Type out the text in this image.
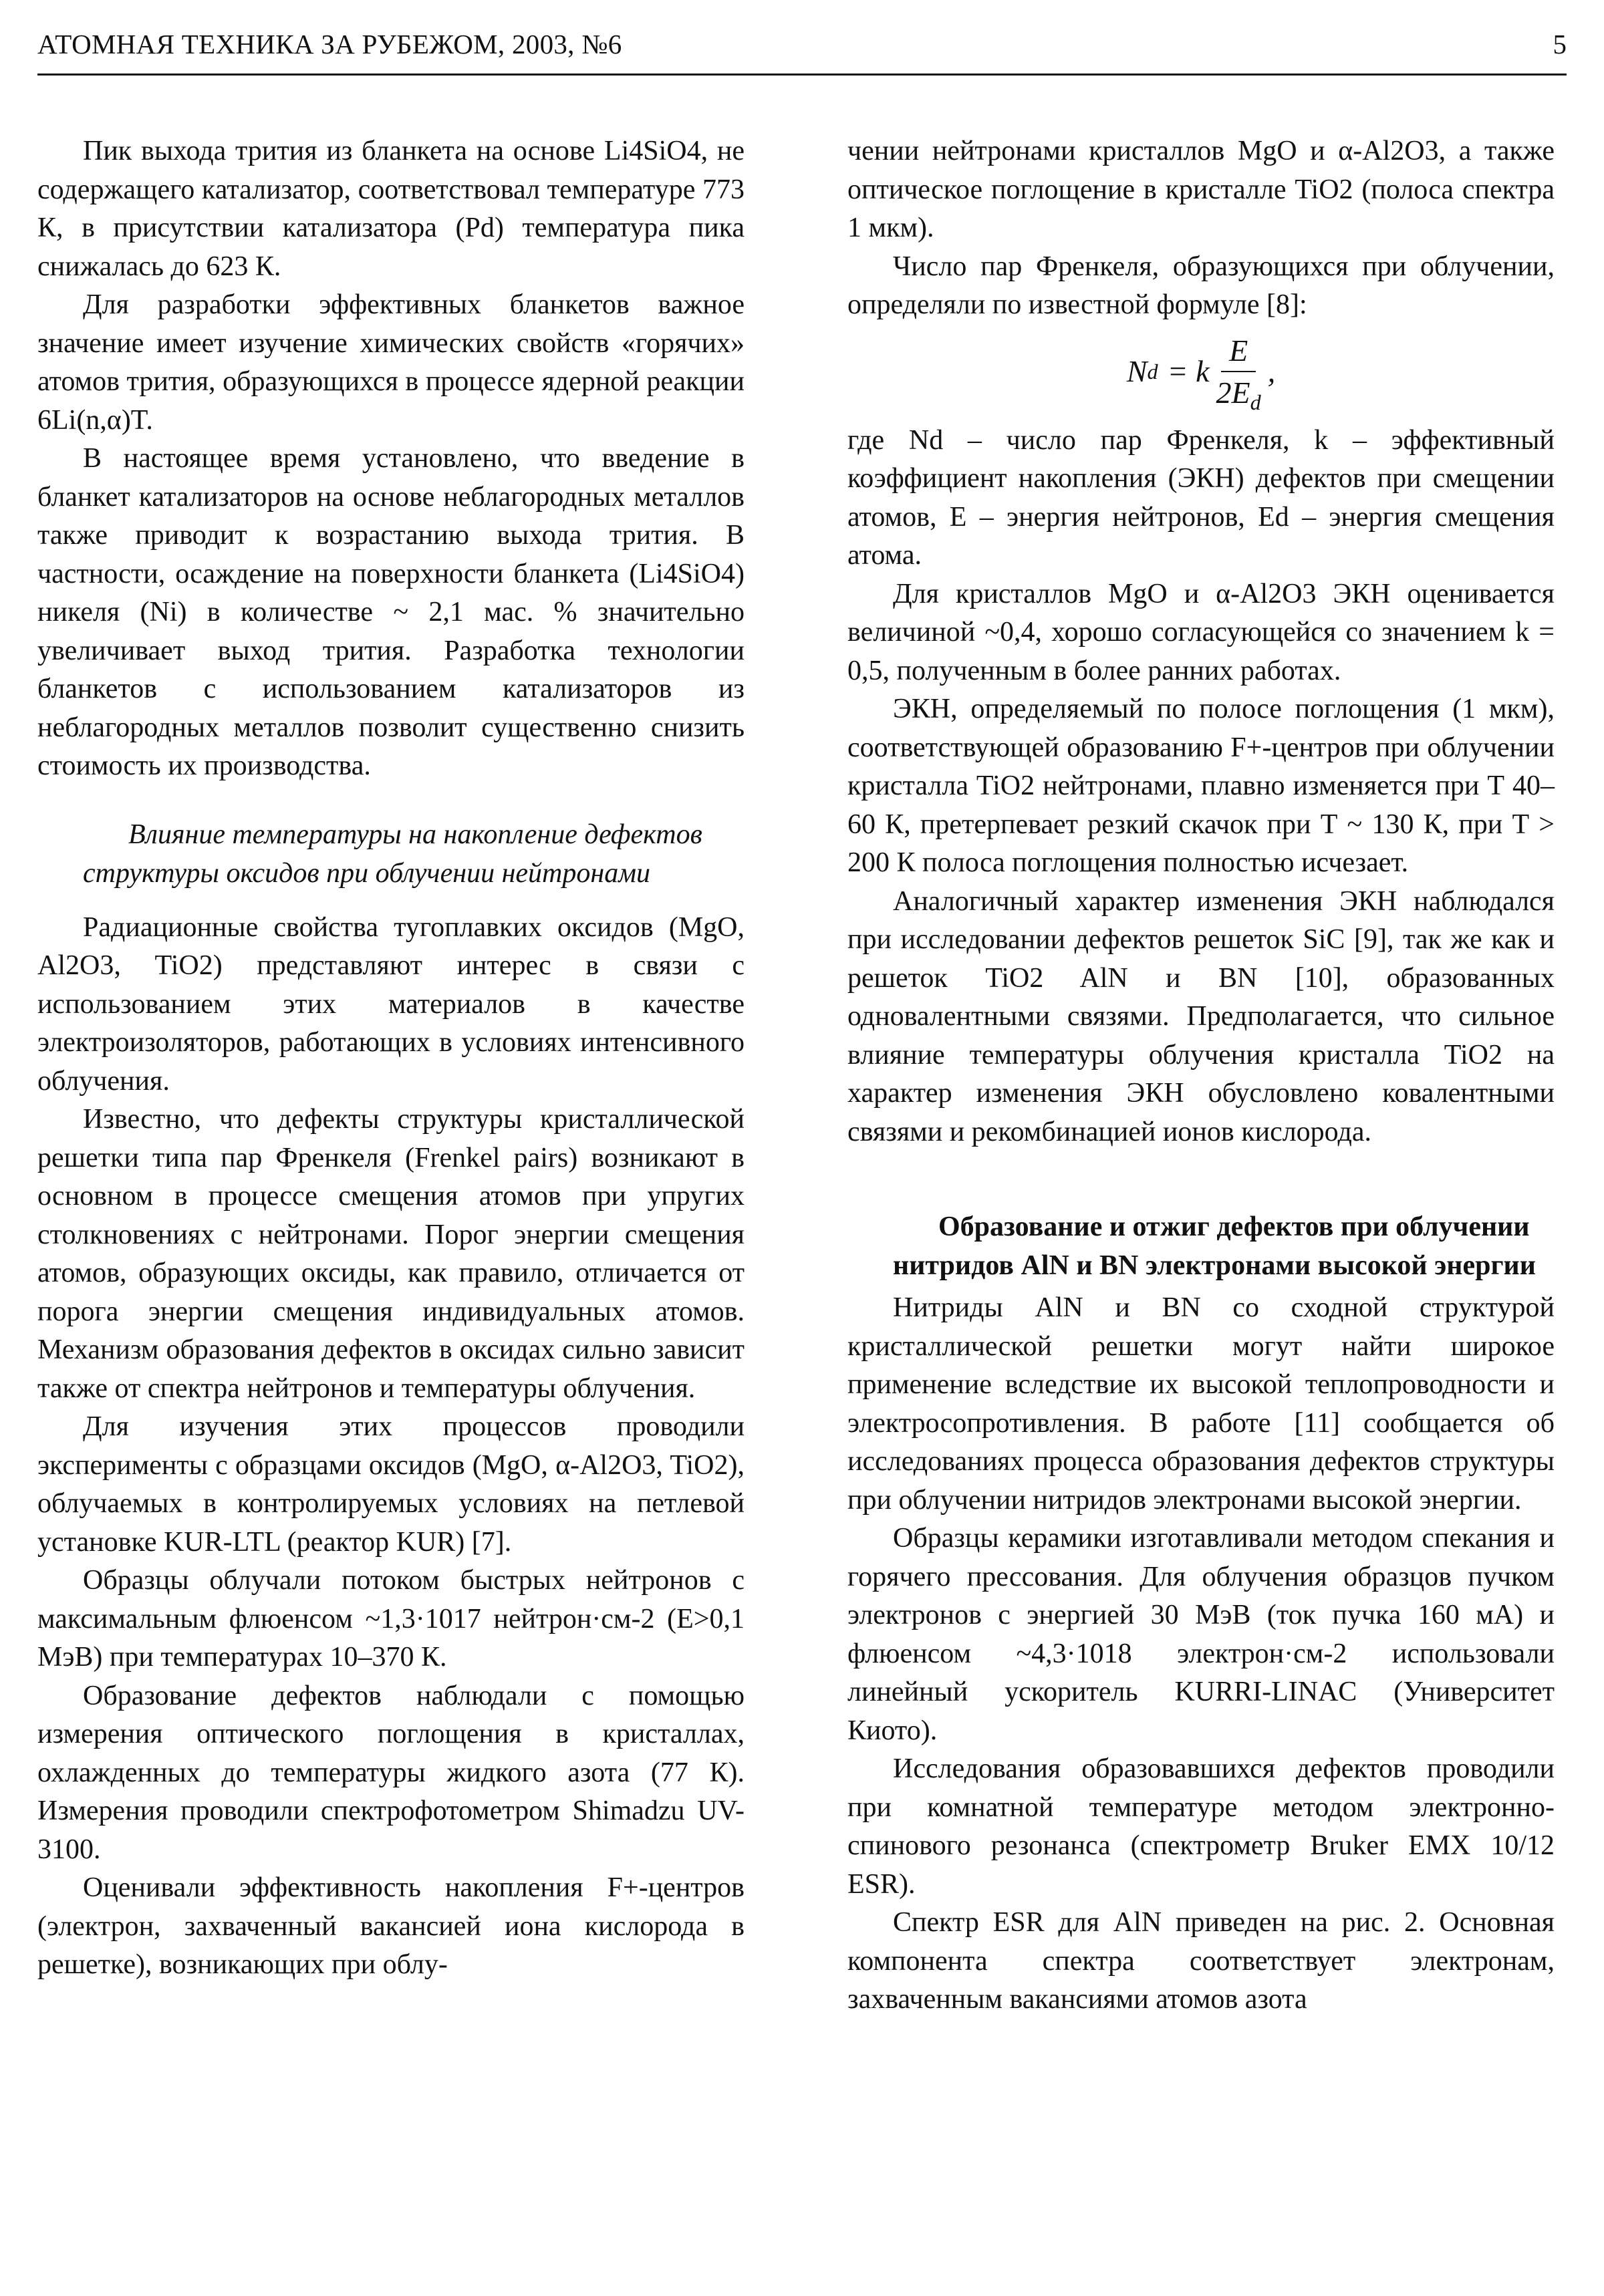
АТОМНАЯ ТЕХНИКА ЗА РУБЕЖОМ, 2003, №6	5

Пик выхода трития из бланкета на основе Li4SiO4, не содержащего катализатор, соответствовал температуре 773 К, в присутствии катализатора (Pd) температура пика снижалась до 623 К.

Для разработки эффективных бланкетов важное значение имеет изучение химических свойств «горячих» атомов трития, образующихся в процессе ядерной реакции 6Li(n,α)T.

В настоящее время установлено, что введение в бланкет катализаторов на основе неблагородных металлов также приводит к возрастанию выхода трития. В частности, осаждение на поверхности бланкета (Li4SiO4) никеля (Ni) в количестве ~ 2,1 мас. % значительно увеличивает выход трития. Разработка технологии бланкетов с использованием катализаторов из неблагородных металлов позволит существенно снизить стоимость их производства.

Влияние температуры на накопление дефектов структуры оксидов при облучении нейтронами

Радиационные свойства тугоплавких оксидов (MgO, Al2O3, TiO2) представляют интерес в связи с использованием этих материалов в качестве электроизоляторов, работающих в условиях интенсивного облучения.

Известно, что дефекты структуры кристаллической решетки типа пар Френкеля (Frenkel pairs) возникают в основном в процессе смещения атомов при упругих столкновениях с нейтронами. Порог энергии смещения атомов, образующих оксиды, как правило, отличается от порога энергии смещения индивидуальных атомов. Механизм образования дефектов в оксидах сильно зависит также от спектра нейтронов и температуры облучения.

Для изучения этих процессов проводили эксперименты с образцами оксидов (MgO, α-Al2O3, TiO2), облучаемых в контролируемых условиях на петлевой установке KUR-LTL (реактор KUR) [7].

Образцы облучали потоком быстрых нейтронов с максимальным флюенсом ~1,3·1017 нейтрон·см-2 (E>0,1 МэВ) при температурах 10–370 К.

Образование дефектов наблюдали с помощью измерения оптического поглощения в кристаллах, охлажденных до температуры жидкого азота (77 К). Измерения проводили спектрофотометром Shimadzu UV-3100.

Оценивали эффективность накопления F+-центров (электрон, захваченный вакансией иона кислорода в решетке), возникающих при облу-

чении нейтронами кристаллов MgO и α-Al2O3, а также оптическое поглощение в кристалле TiO2 (полоса спектра 1 мкм).

Число пар Френкеля, образующихся при облучении, определяли по известной формуле [8]:

N d = k $\frac{E}{2E_d}$ ,

где Nd – число пар Френкеля, k – эффективный коэффициент накопления (ЭКН) дефектов при смещении атомов, E – энергия нейтронов, Ed – энергия смещения атома.

Для кристаллов MgO и α-Al2O3 ЭКН оценивается величиной ~0,4, хорошо согласующейся со значением k = 0,5, полученным в более ранних работах.

ЭКН, определяемый по полосе поглощения (1 мкм), соответствующей образованию F+-центров при облучении кристалла TiO2 нейтронами, плавно изменяется при Т 40–60 К, претерпевает резкий скачок при Т ~ 130 К, при Т > 200 К полоса поглощения полностью исчезает.

Аналогичный характер изменения ЭКН наблюдался при исследовании дефектов решеток SiC [9], так же как и решеток TiO2 AlN и BN [10], образованных одновалентными связями. Предполагается, что сильное влияние температуры облучения кристалла TiO2 на характер изменения ЭКН обусловлено ковалентными связями и рекомбинацией ионов кислорода.

Образование и отжиг дефектов при облучении нитридов AlN и BN электронами высокой энергии

Нитриды AlN и BN со сходной структурой кристаллической решетки могут найти широкое применение вследствие их высокой теплопроводности и электросопротивления. В работе [11] сообщается об исследованиях процесса образования дефектов структуры при облучении нитридов электронами высокой энергии.

Образцы керамики изготавливали методом спекания и горячего прессования. Для облучения образцов пучком электронов с энергией 30 МэВ (ток пучка 160 мА) и флюенсом ~4,3·1018 электрон·см-2 использовали линейный ускоритель KURRI-LINAC (Университет Киото).

Исследования образовавшихся дефектов проводили при комнатной температуре методом электронно-спинового резонанса (спектрометр Bruker EMX 10/12 ESR).

Спектр ESR для AlN приведен на рис. 2. Основная компонента спектра соответствует электронам, захваченным вакансиями атомов азота
